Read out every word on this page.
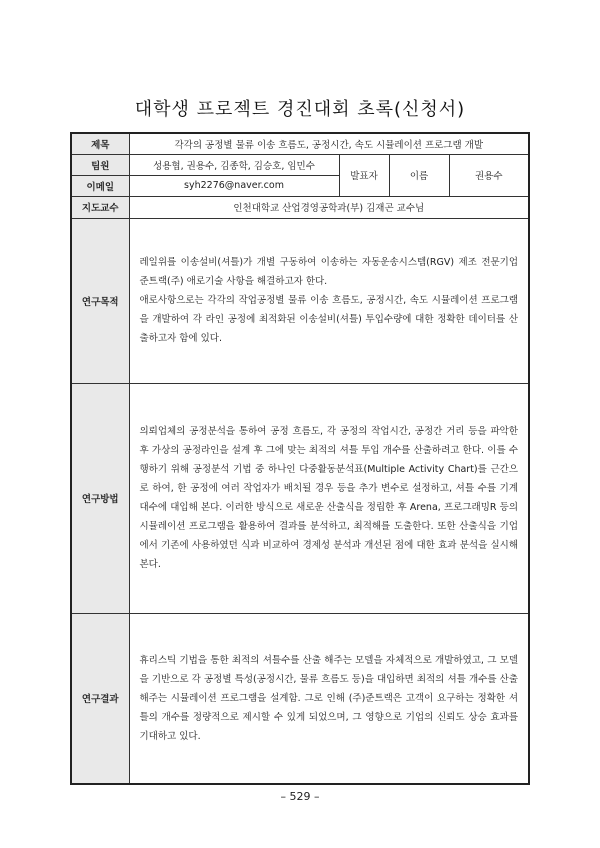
대학생 프로젝트 경진대회 초록(신청서)
제목	각각의 공정별 물류 이송 흐름도, 공정시간, 속도 시뮬레이션 프로그램 개발			
팀원	성용협, 권용수, 김종학, 김승호, 임민수	발표자	이름	권용수
이메일	syh2276@naver.com			
지도교수	인천대학교 산업경영공학과(부) 김재곤 교수님			
연구목적	레일위를 이송설비(셔틀)가 개별 구동하여 이송하는 자동운송시스템(RGV) 제조 전문기업 준트랙(주) 애로기술 사항을 해결하고자 한다.
애로사항으로는 각각의 작업공정별 물류 이송 흐름도, 공정시간, 속도 시뮬레이션 프로그램을 개발하여 각 라인 공정에 최적화된 이송설비(셔틀) 투입수량에 대한 정확한 데이터를 산출하고자 함에 있다.			
연구방법	의뢰업체의 공정분석을 통하여 공정 흐름도, 각 공정의 작업시간, 공정간 거리 등을 파악한 후 가상의 공정라인을 설계 후 그에 맞는 최적의 셔틀 투입 개수를 산출하려고 한다. 이를 수행하기 위해 공정분석 기법 중 하나인 다중활동분석표(Multiple Activity Chart)를 근간으로 하여, 한 공정에 여러 작업자가 배치될 경우 등을 추가 변수로 설정하고, 셔틀 수를 기계대수에 대입해 본다. 이러한 방식으로 새로운 산출식을 정립한 후 Arena, 프로그래밍R 등의 시뮬레이션 프로그램을 활용하여 결과를 분석하고, 최적해를 도출한다. 또한 산출식을 기업에서 기존에 사용하였던 식과 비교하여 경제성 분석과 개선된 점에 대한 효과 분석을 실시해 본다.			
연구결과	휴리스틱 기법을 통한 최적의 셔틀수를 산출 해주는 모델을 자체적으로 개발하였고, 그 모델을 기반으로 각 공정별 특성(공정시간, 물류 흐름도 등)을 대입하면 최적의 셔틀 개수를 산출해주는 시뮬레이션 프로그램을 설계함. 그로 인해 (주)준트랙은 고객이 요구하는 정확한 셔틀의 개수를 정량적으로 제시할 수 있게 되었으며, 그 영향으로 기업의 신뢰도 상승 효과를 기대하고 있다.			
– 529 –
